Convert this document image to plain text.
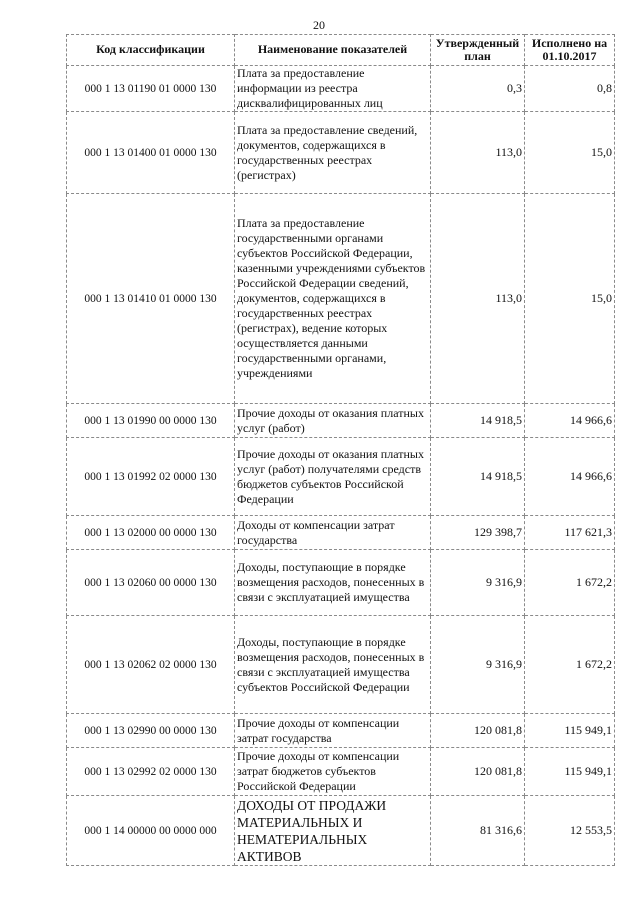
20
Код классификации	Наименование показателей	Утвержденный план	Исполнено на 01.10.2017
000 1 13 01190 01 0000 130	Плата за предоставление информации из реестра дисквалифицированных лиц	0,3	0,8
000 1 13 01400 01 0000 130	Плата за предоставление сведений, документов, содержащихся в государственных реестрах (регистрах)	113,0	15,0
000 1 13 01410 01 0000 130	Плата за предоставление государственными органами субъектов Российской Федерации, казенными учреждениями субъектов Российской Федерации сведений, документов, содержащихся в государственных реестрах (регистрах), ведение которых осуществляется данными государственными органами, учреждениями	113,0	15,0
000 1 13 01990 00 0000 130	Прочие доходы от оказания платных услуг (работ)	14 918,5	14 966,6
000 1 13 01992 02 0000 130	Прочие доходы от оказания платных услуг (работ) получателями средств бюджетов субъектов Российской Федерации	14 918,5	14 966,6
000 1 13 02000 00 0000 130	Доходы от компенсации затрат государства	129 398,7	117 621,3
000 1 13 02060 00 0000 130	Доходы, поступающие в порядке возмещения расходов, понесенных в связи с эксплуатацией имущества	9 316,9	1 672,2
000 1 13 02062 02 0000 130	Доходы, поступающие в порядке возмещения расходов, понесенных в связи с эксплуатацией имущества субъектов Российской Федерации	9 316,9	1 672,2
000 1 13 02990 00 0000 130	Прочие доходы от компенсации затрат государства	120 081,8	115 949,1
000 1 13 02992 02 0000 130	Прочие доходы от компенсации затрат бюджетов субъектов Российской Федерации	120 081,8	115 949,1
000 1 14 00000 00 0000 000	ДОХОДЫ ОТ ПРОДАЖИ МАТЕРИАЛЬНЫХ И НЕМАТЕРИАЛЬНЫХ АКТИВОВ	81 316,6	12 553,5
